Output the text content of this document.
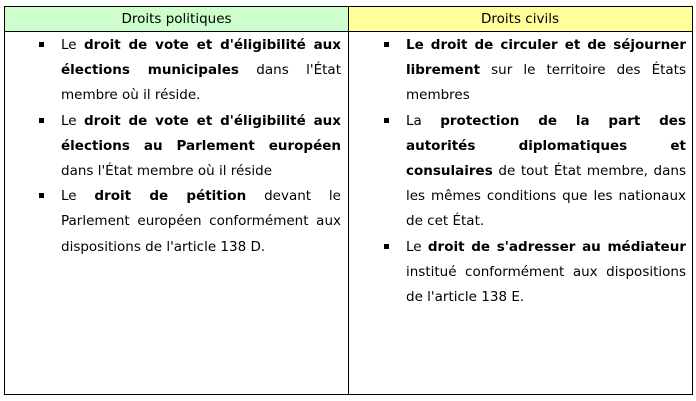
Droits politiques	Droits civils
Le droit de vote et d'éligibilité aux élections municipales dans l'État membre où il réside.
Le droit de vote et d'éligibilité aux élections au Parlement européen dans l'État membre où il réside
Le droit de pétition devant le Parlement européen conformément aux dispositions de l'article 138 D.
Le droit de circuler et de séjourner librement sur le territoire des États membres
La protection de la part des autorités diplomatiques et consulaires de tout État membre, dans les mêmes conditions que les nationaux de cet État.
Le droit de s'adresser au médiateur institué conformément aux dispositions de l'article 138 E.
